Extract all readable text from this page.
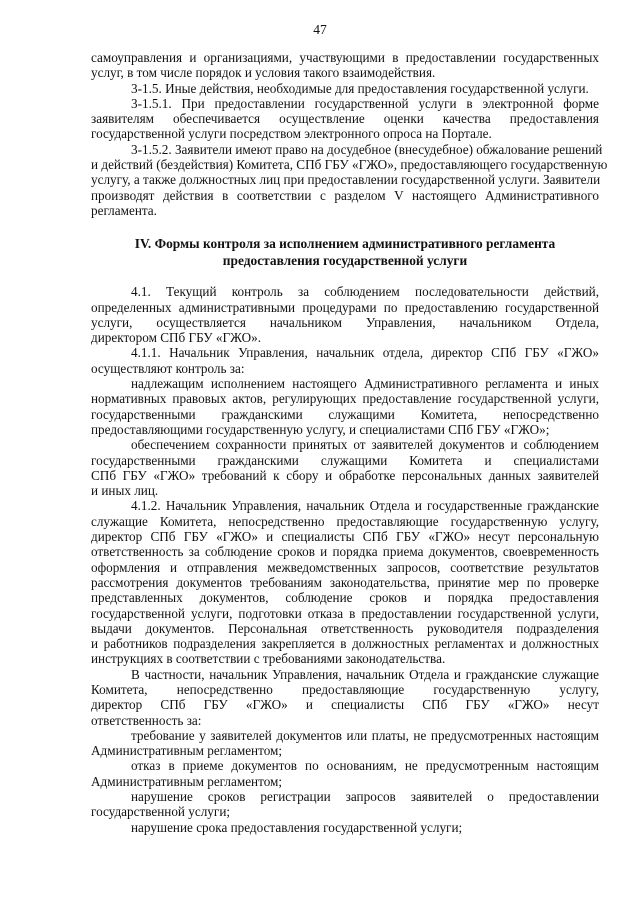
47
самоуправления и организациями, участвующими в предоставлении государственных
услуг, в том числе порядок и условия такого взаимодействия.
3-1.5. Иные действия, необходимые для предоставления государственной услуги.
3-1.5.1. При предоставлении государственной услуги в электронной форме
заявителям обеспечивается осуществление оценки качества предоставления
государственной услуги посредством электронного опроса на Портале.
3-1.5.2. Заявители имеют право на досудебное (внесудебное) обжалование решений
и действий (бездействия) Комитета, СПб ГБУ «ГЖО», предоставляющего государственную
услугу, а также должностных лиц при предоставлении государственной услуги. Заявители
производят действия в соответствии с разделом V настоящего Административного
регламента.

IV. Формы контроля за исполнением административного регламента

предоставления государственной услуги

4.1. Текущий контроль за соблюдением последовательности действий,
определенных административными процедурами по предоставлению государственной
услуги, осуществляется начальником Управления, начальником Отдела,
директором СПб ГБУ «ГЖО».
4.1.1. Начальник Управления, начальник отдела, директор СПб ГБУ «ГЖО»
осуществляют контроль за:
надлежащим исполнением настоящего Административного регламента и иных
нормативных правовых актов, регулирующих предоставление государственной услуги,
государственными гражданскими служащими Комитета, непосредственно
предоставляющими государственную услугу, и специалистами СПб ГБУ «ГЖО»;
обеспечением сохранности принятых от заявителей документов и соблюдением
государственными гражданскими служащими Комитета и специалистами
СПб ГБУ «ГЖО» требований к сбору и обработке персональных данных заявителей
и иных лиц.
4.1.2. Начальник Управления, начальник Отдела и государственные гражданские
служащие Комитета, непосредственно предоставляющие государственную услугу,
директор СПб ГБУ «ГЖО» и специалисты СПб ГБУ «ГЖО» несут персональную
ответственность за соблюдение сроков и порядка приема документов, своевременность
оформления и отправления межведомственных запросов, соответствие результатов
рассмотрения документов требованиям законодательства, принятие мер по проверке
представленных документов, соблюдение сроков и порядка предоставления
государственной услуги, подготовки отказа в предоставлении государственной услуги,
выдачи документов. Персональная ответственность руководителя подразделения
и работников подразделения закрепляется в должностных регламентах и должностных
инструкциях в соответствии с требованиями законодательства.
В частности, начальник Управления, начальник Отдела и гражданские служащие
Комитета, непосредственно предоставляющие государственную услугу,
директор СПб ГБУ «ГЖО» и специалисты СПб ГБУ «ГЖО» несут
ответственность за:
требование у заявителей документов или платы, не предусмотренных настоящим
Административным регламентом;
отказ в приеме документов по основаниям, не предусмотренным настоящим
Административным регламентом;
нарушение сроков регистрации запросов заявителей о предоставлении
государственной услуги;
нарушение срока предоставления государственной услуги;
